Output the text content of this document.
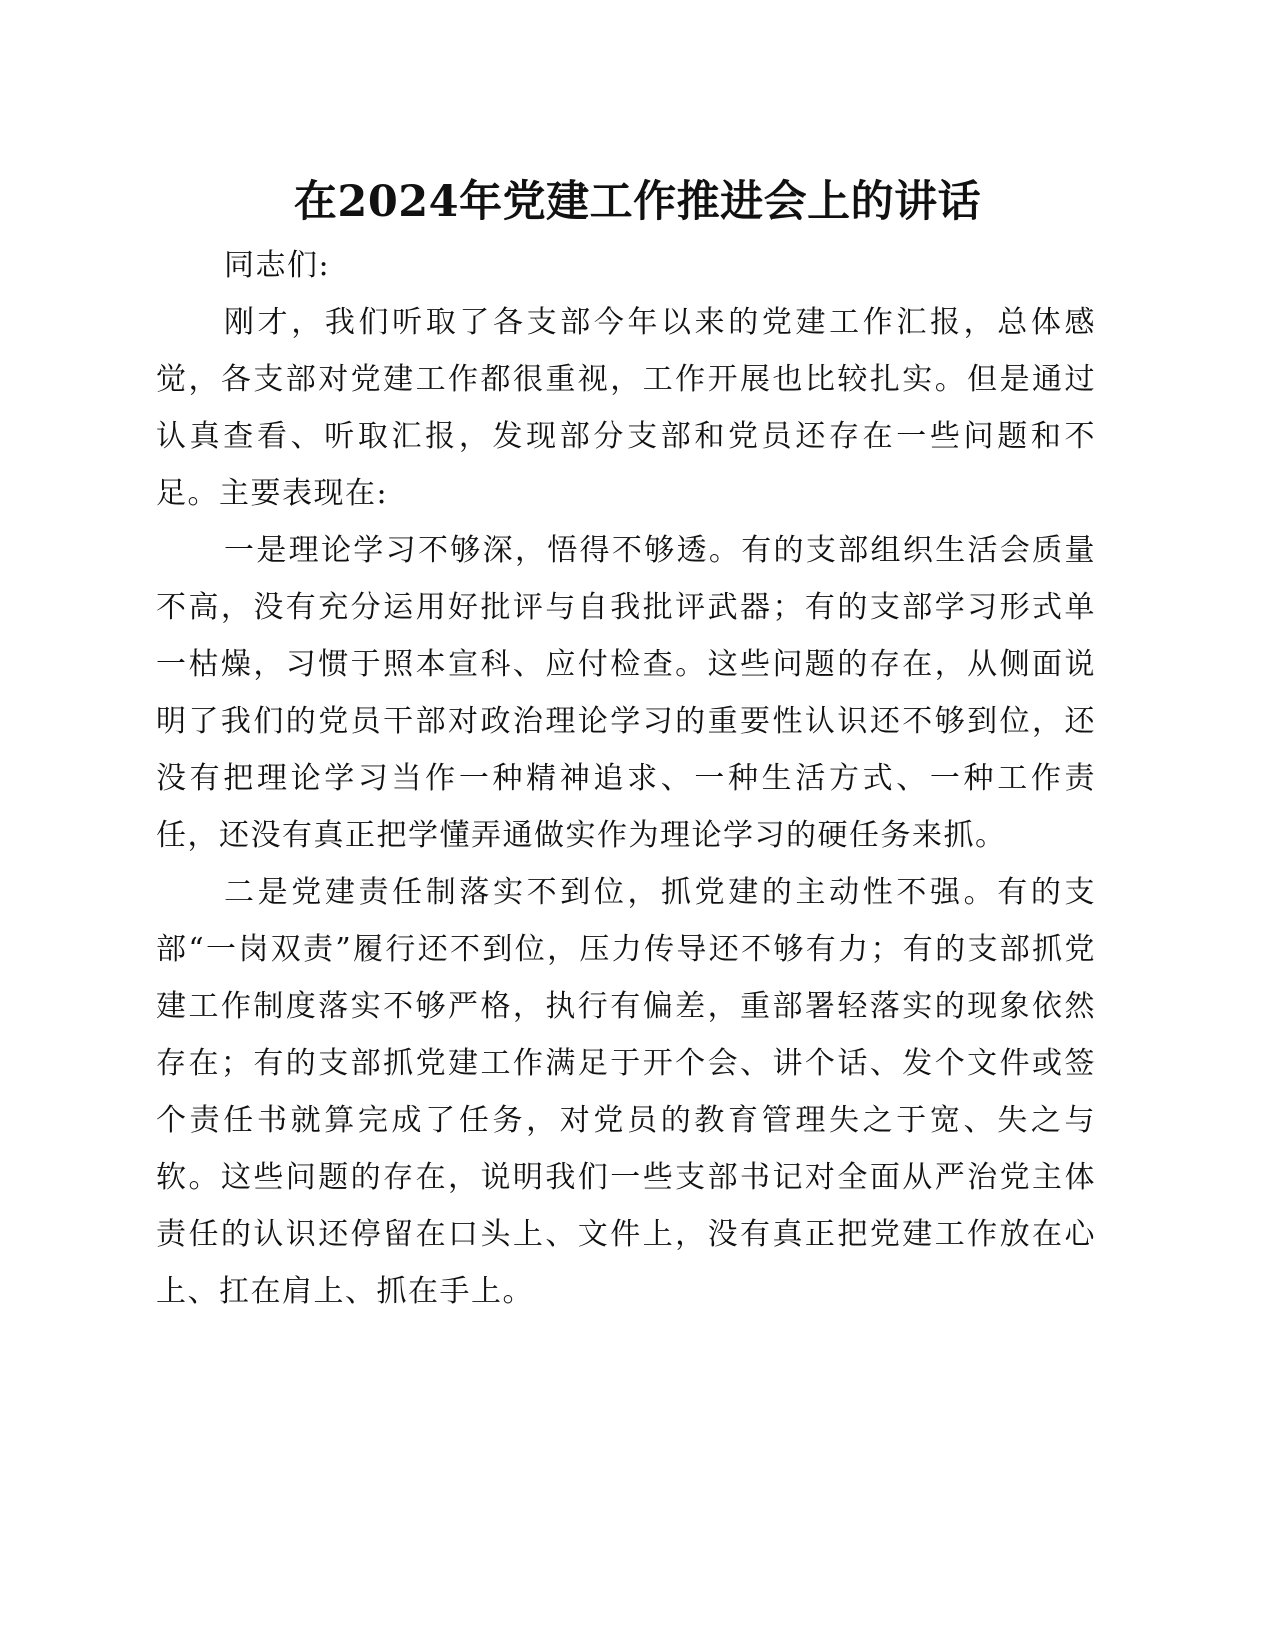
在2024年党建工作推进会上的讲话

同志们:

刚才，我们听取了各支部今年以来的党建工作汇报，总体感觉，各支部对党建工作都很重视，工作开展也比较扎实。但是通过认真查看、听取汇报，发现部分支部和党员还存在一些问题和不足。主要表现在:

一是理论学习不够深，悟得不够透。有的支部组织生活会质量不高，没有充分运用好批评与自我批评武器；有的支部学习形式单一枯燥，习惯于照本宣科、应付检查。这些问题的存在，从侧面说明了我们的党员干部对政治理论学习的重要性认识还不够到位，还没有把理论学习当作一种精神追求、一种生活方式、一种工作责任，还没有真正把学懂弄通做实作为理论学习的硬任务来抓。

二是党建责任制落实不到位，抓党建的主动性不强。有的支部“一岗双责”履行还不到位，压力传导还不够有力；有的支部抓党建工作制度落实不够严格，执行有偏差，重部署轻落实的现象依然存在；有的支部抓党建工作满足于开个会、讲个话、发个文件或签个责任书就算完成了任务，对党员的教育管理失之于宽、失之与软。这些问题的存在，说明我们一些支部书记对全面从严治党主体责任的认识还停留在口头上、文件上，没有真正把党建工作放在心上、扛在肩上、抓在手上。
